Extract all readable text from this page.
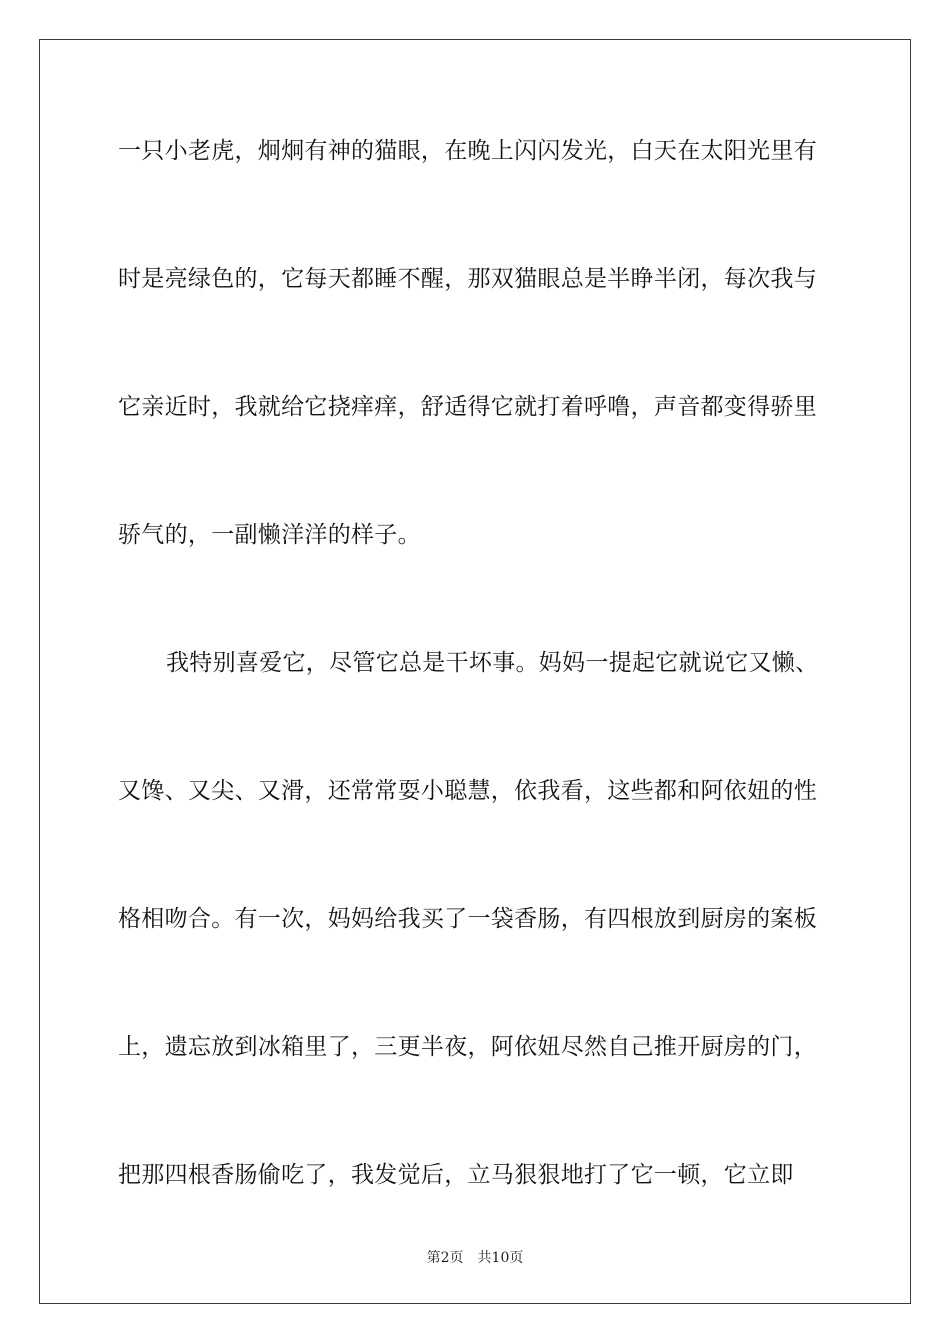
一只小老虎，炯炯有神的猫眼，在晚上闪闪发光，白天在太阳光里有
时是亮绿色的，它每天都睡不醒，那双猫眼总是半睁半闭，每次我与
它亲近时，我就给它挠痒痒，舒适得它就打着呼噜，声音都变得骄里
骄气的，一副懒洋洋的样子。
我特别喜爱它，尽管它总是干坏事。妈妈一提起它就说它又懒、
又馋、又尖、又滑，还常常耍小聪慧，依我看，这些都和阿依妞的性
格相吻合。有一次，妈妈给我买了一袋香肠，有四根放到厨房的案板
上，遗忘放到冰箱里了，三更半夜，阿依妞尽然自己推开厨房的门，
把那四根香肠偷吃了，我发觉后，立马狠狠地打了它一顿，它立即
第2页 共10页
